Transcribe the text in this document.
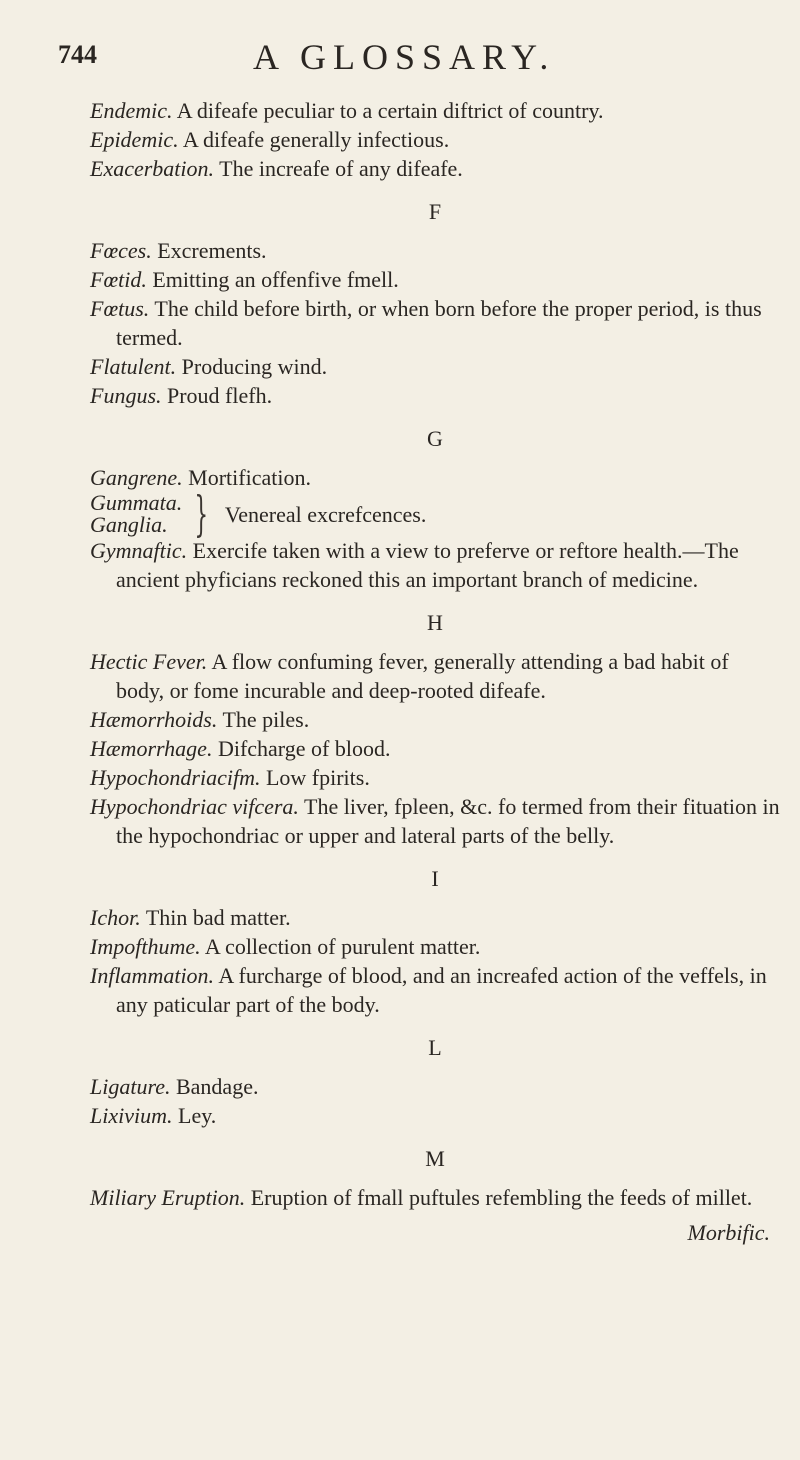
744	A GLOSSARY.
Endemic. A difeafe peculiar to a certain diftrict of country.
Epidemic. A difeafe generally infectious.
Exacerbation. The increafe of any difeafe.
F
Fœces. Excrements.
Fœtid. Emitting an offenfive fmell.
Fœtus. The child before birth, or when born before the proper period, is thus termed.
Flatulent. Producing wind.
Fungus. Proud flefh.
G
Gangrene. Mortification.
Gummata.
Ganglia. } Venereal excrefcences.
Gymnaftic. Exercife taken with a view to preferve or reftore health.—The ancient phyficians reckoned this an important branch of medicine.
H
Hectic Fever. A flow confuming fever, generally attending a bad habit of body, or fome incurable and deep-rooted difeafe.
Hæmorrhoids. The piles.
Hæmorrhage. Difcharge of blood.
Hypochondriacifm. Low fpirits.
Hypochondriac vifcera. The liver, fpleen, &c. fo termed from their fituation in the hypochondriac or upper and lateral parts of the belly.
I
Ichor. Thin bad matter.
Impofthume. A collection of purulent matter.
Inflammation. A furcharge of blood, and an increafed action of the veffels, in any paticular part of the body.
L
Ligature. Bandage.
Lixivium. Ley.
M
Miliary Eruption. Eruption of fmall puftules refembling the feeds of millet.
Morbific.
